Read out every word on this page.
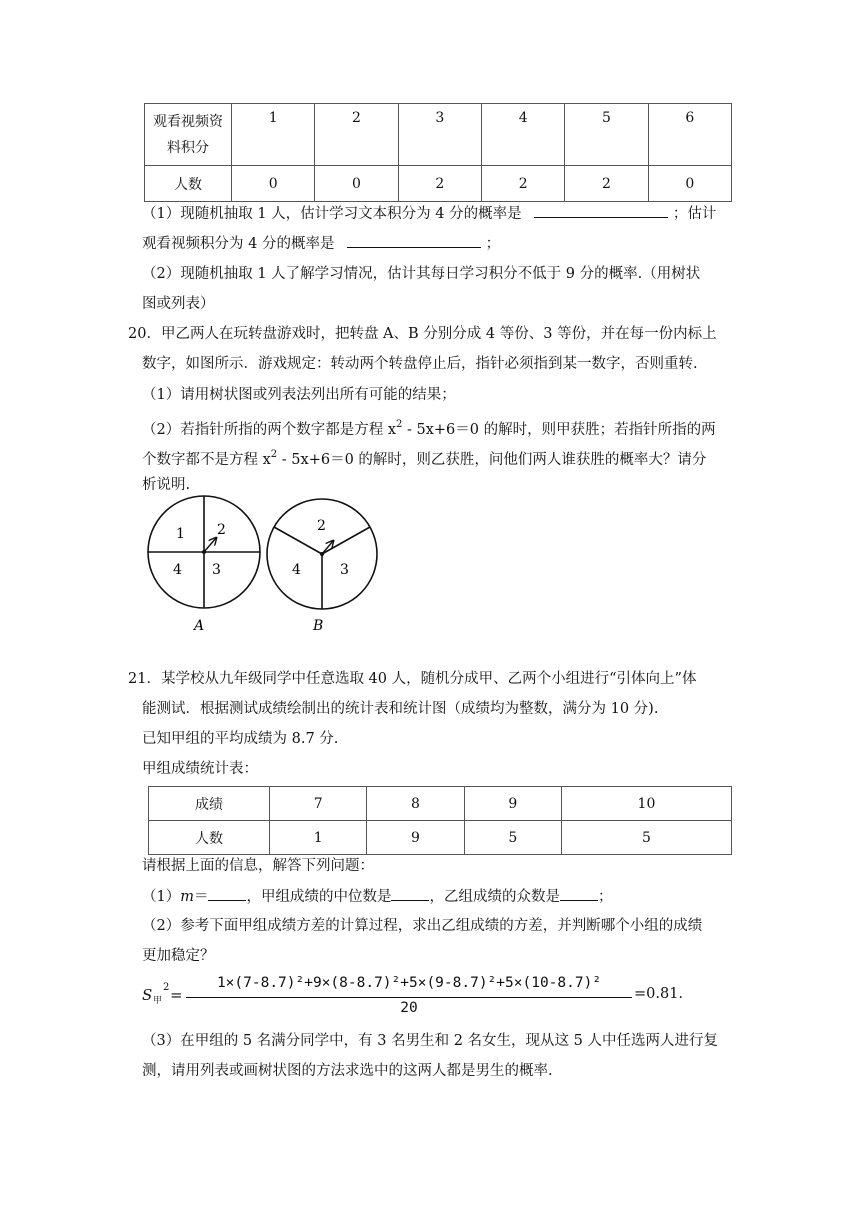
观看视频资
料积分	1	2	3	4	5	6
人数	0	0	2	2	2	0
（1）现随机抽取 1 人，估计学习文本积分为 4 分的概率是	；估计
观看视频积分为 4 分的概率是	；
（2）现随机抽取 1 人了解学习情况，估计其每日学习积分不低于 9 分的概率.（用树状
图或列表）
20．甲乙两人在玩转盘游戏时，把转盘 A、B 分别分成 4 等份、3 等份，并在每一份内标上
数字，如图所示．游戏规定：转动两个转盘停止后，指针必须指到某一数字，否则重转.
（1）请用树状图或列表法列出所有可能的结果；
（2）若指针所指的两个数字都是方程 $x^2 - 5x+6=0$ 的解时，则甲获胜；若指针所指的两
个数字都不是方程 $x^2 - 5x+6=0$ 的解时，则乙获胜，问他们两人谁获胜的概率大？请分
析说明.
1 2
4 3
A
2
4	3
B
21．某学校从九年级同学中任意选取 40 人，随机分成甲、乙两个小组进行“引体向上”体
能测试．根据测试成绩绘制出的统计表和统计图（成绩均为整数，满分为 10 分).
已知甲组的平均成绩为 8.7 分.
甲组成绩统计表：
成绩	7	8	9	10
人数	1	9	5	5
请根据上面的信息，解答下列问题：
（1）m＝	，甲组成绩的中位数是	，乙组成绩的众数是	；
（2）参考下面甲组成绩方差的计算过程，求出乙组成绩的方差，并判断哪个小组的成绩
更加稳定？
S 甲
2 =
1×(7-8.7)²+9×(8-8.7)²+5×(9-8.7)²+5×(10-8.7)²
20
=0.81.
（3）在甲组的 5 名满分同学中，有 3 名男生和 2 名女生，现从这 5 人中任选两人进行复
测，请用列表或画树状图的方法求选中的这两人都是男生的概率.
